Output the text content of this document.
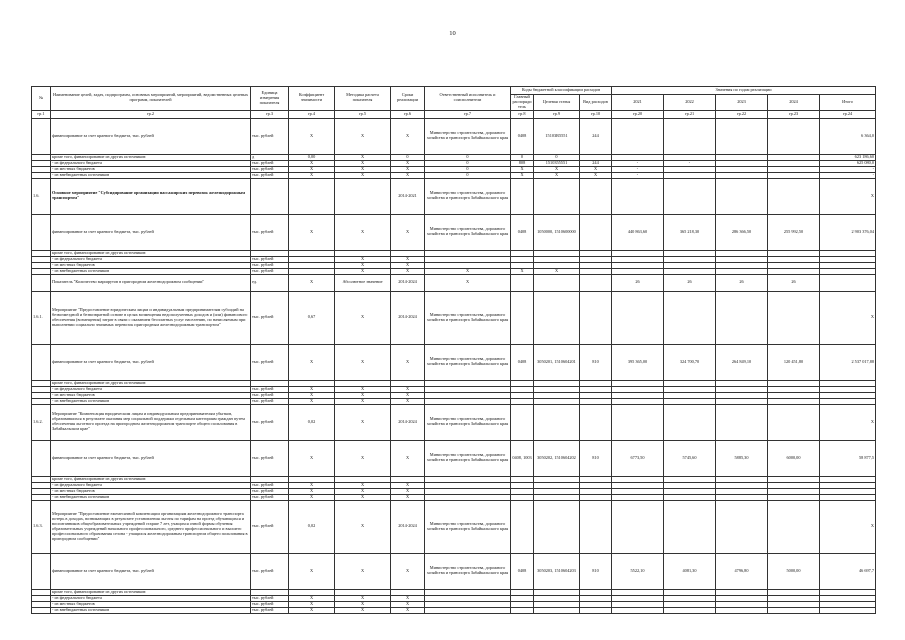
10
№	Наименование целей, задач, подпрограмм, основных мероприятий, мероприятий, ведомственных целевых программ, показателей	Единица измерения показателя	Коэффициент значимости	Методика расчета показателя	Сроки реализации	Ответственный исполнитель и соисполнители	Коды бюджетной классификации расходов			Значения по годам реализации				
							Главный распорядитель	Целевая статья	Вид расходов	2021	2022	2023	2024	Итого
гр.1	гр.2	гр.3	гр.4	гр.5	гр.6	гр.7	гр.8	гр.9	гр.10	гр.20	гр.21	гр.22	гр.23	гр.24
	финансирование за счет краевого бюджета, тыс. рублей	тыс. рублей	X	X	X	Министерство строительства, дорожного хозяйства и транспорта Забайкальского края	0408	15103R5551	244					6 364,0
	кроме того, финансирование из других источников:	д	0,00	Х	0	0	0	0						623 186,60
	- из федерального бюджета	тыс. рублей	X	X	X	0	808	1510355551	244	-	-			625 080,0
	- из местных бюджетов	тыс. рублей	X	X	X	0	X	X	X	-				-
	- из внебюджетных источников	тыс. рублей	X	X	X	0	X	X	X	-				-
1.6.	Основное мероприятие "Субсидирование организации пассажирских перевозок железнодорожным транспортом"				2014-2021	Министерство строительства, дорожного хозяйства и транспорта Забайкальского края								X
	финансирование за счет краевого бюджета, тыс. рублей	тыс. рублей	X	X	X	Министерство строительства, дорожного хозяйства и транспорта Забайкальского края	0408	1050000, 1510600000		440 863,60	365 218,30	286 366,50	255 992,50	2 903 376,04
	кроме того, финансирование из других источников:													
	- из федерального бюджета	тыс. рублей		X	X									
	- из местных бюджетов	тыс. рублей		X	X									
	- из внебюджетных источников	тыс. рублей		X	X	X	X	X						
	Показатель "Количество маршрутов в пригородном железнодорожном сообщении"	ед.	X	Абсолютное значение	2014-2024	X				26	26	26	26	
1.6.1.	Мероприятие "Предоставление юридическим лицам и индивидуальным предпринимателям субсидий на безвозмездной и безвозвратной основе в целях возмещения недополученных доходов и (или) финансового обеспечения (возмещения) затрат в связи с оказанием бесплатных услуг населению, по начисляемым при выполнении социально значимых перевозок пригородным железнодорожным транспортом"	тыс. рублей	0,67	X	2014-2024	Министерство строительства, дорожного хозяйства и транспорта Забайкальского края								X
	финансирование за счет краевого бюджета, тыс. рублей	тыс. рублей	X	X	X	Министерство строительства, дорожного хозяйства и транспорта Забайкальского края	0408	3050201, 1510604201	810	395 365,00	324 700,70	264 849,10	120 451,80	2 537 017,88
	кроме того, финансирование из других источников:													
	- из федерального бюджета	тыс. рублей	X	X	X									
	- из местных бюджетов	тыс. рублей	X	X	X									
	- из внебюджетных источников	тыс. рублей	X	X	X									
1.6.2.	Мероприятие "Компенсация юридическим лицам и индивидуальным предпринимателям убытков, образовавшихся в результате оказания мер социальной поддержки отдельным категориям граждан путем обеспечения льготного проезда на пригородном железнодорожном транспорте общего пользования в Забайкальском крае"	тыс. рублей	0,02	X	2014-2024	Министерство строительства, дорожного хозяйства и транспорта Забайкальского края								X
	финансирование за счет краевого бюджета, тыс. рублей	тыс. рублей	X	X	X	Министерство строительства, дорожного хозяйства и транспорта Забайкальского края	0408, 1003	3050202, 1510604202	810	6773,50	5745,60	5885,30	6000,00	58 877,5
	кроме того, финансирование из других источников:													
	- из федерального бюджета	тыс. рублей	X	X	X									
	- из местных бюджетов	тыс. рублей	X	X	X									
	- из внебюджетных источников	тыс. рублей	X	X	X									
1.6.3.	Мероприятие "Предоставление ежемесячной компенсации организациям железнодорожного транспорта потерь в доходах, возникающих в результате установления льготы по тарифам на проезд обучающихся и воспитанников общеобразовательных учреждений старше 7 лет, учащихся очной формы обучения образовательных учреждений начального профессионального, среднего профессионального и высшего профессионального образования сезона - учащихся железнодорожным транспортом общего пользования в пригородном сообщении"	тыс. рублей	0,02	X	2014-2024	Министерство строительства, дорожного хозяйства и транспорта Забайкальского края								X
	финансирование за счет краевого бюджета, тыс. рублей	тыс. рублей	X	X	X	Министерство строительства, дорожного хозяйства и транспорта Забайкальского края	0408	3050203, 1510604203	810	5522,10	4081,30	4796,80	5000,00	46 697,7
	кроме того, финансирование из других источников:													
	- из федерального бюджета	тыс. рублей	X	X	X									
	- из местных бюджетов	тыс. рублей	X	X	X									
	- из внебюджетных источников	тыс. рублей	X	X	X									
